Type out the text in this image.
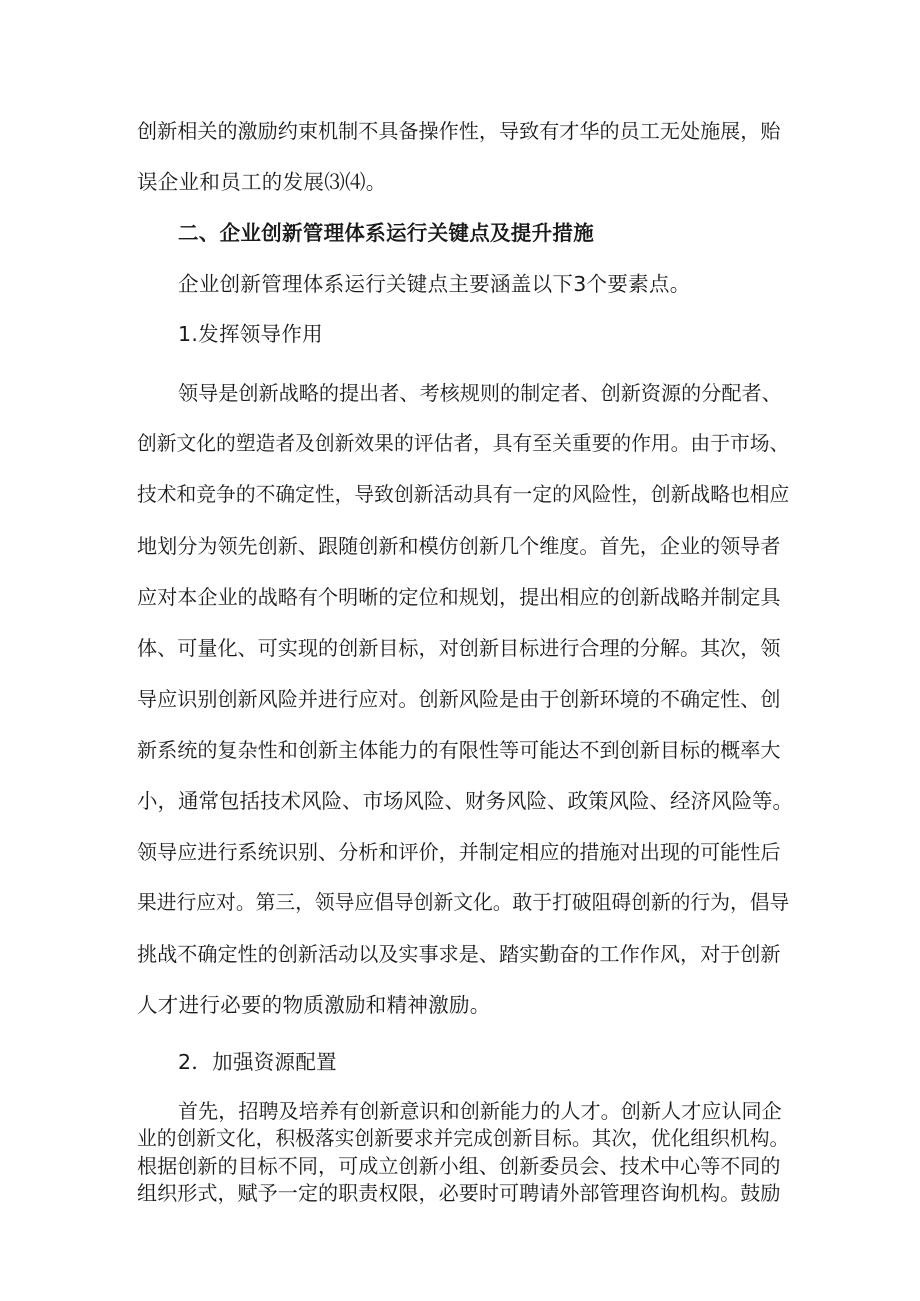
创新相关的激励约束机制不具备操作性，导致有才华的员工无处施展，贻
误企业和员工的发展⑶⑷。
二、企业创新管理体系运行关键点及提升措施
企业创新管理体系运行关键点主要涵盖以下3个要素点。
1.发挥领导作用
领导是创新战略的提出者、考核规则的制定者、创新资源的分配者、
创新文化的塑造者及创新效果的评估者，具有至关重要的作用。由于市场、
技术和竞争的不确定性，导致创新活动具有一定的风险性，创新战略也相应
地划分为领先创新、跟随创新和模仿创新几个维度。首先，企业的领导者
应对本企业的战略有个明晰的定位和规划，提出相应的创新战略并制定具
体、可量化、可实现的创新目标，对创新目标进行合理的分解。其次，领
导应识别创新风险并进行应对。创新风险是由于创新环境的不确定性、创
新系统的复杂性和创新主体能力的有限性等可能达不到创新目标的概率大
小，通常包括技术风险、市场风险、财务风险、政策风险、经济风险等。
领导应进行系统识别、分析和评价，并制定相应的措施对出现的可能性后
果进行应对。第三，领导应倡导创新文化。敢于打破阻碍创新的行为，倡导
挑战不确定性的创新活动以及实事求是、踏实勤奋的工作作风，对于创新
人才进行必要的物质激励和精神激励。
2．加强资源配置
首先，招聘及培养有创新意识和创新能力的人才。创新人才应认同企
业的创新文化，积极落实创新要求并完成创新目标。其次，优化组织机构。
根据创新的目标不同，可成立创新小组、创新委员会、技术中心等不同的
组织形式，赋予一定的职责权限，必要时可聘请外部管理咨询机构。鼓励
